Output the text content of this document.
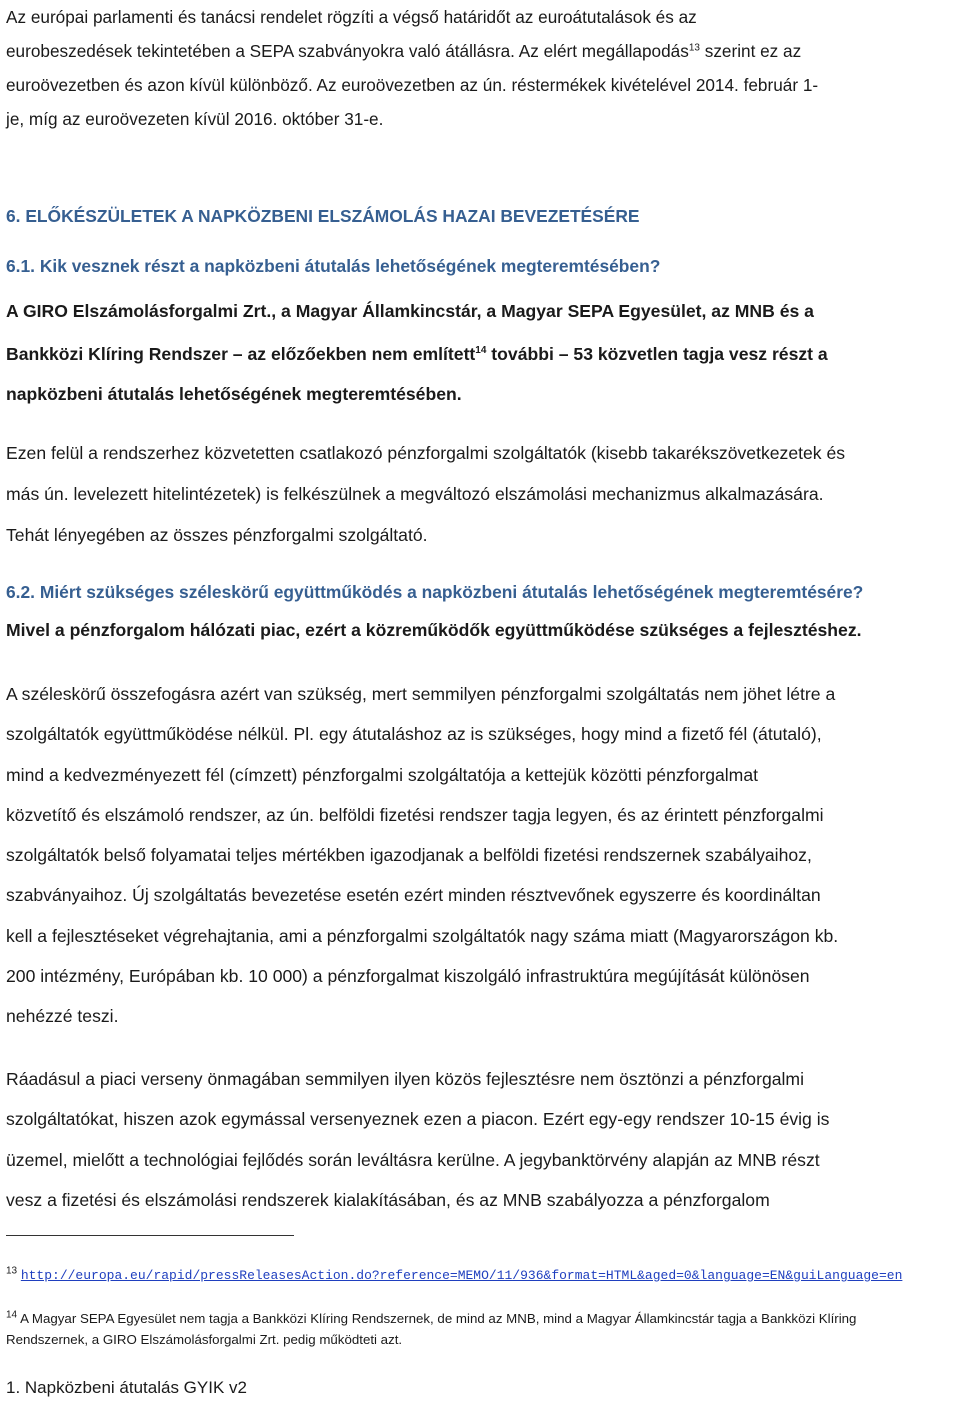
Az európai parlamenti és tanácsi rendelet rögzíti a végső határidőt az euroátutalások és az

eurobeszedések tekintetében a SEPA szabványokra való átállásra. Az elért megállapodás$^{13}$ szerint ez az

euroövezetben és azon kívül különböző. Az euroövezetben az ún. réstermékek kivételével 2014. február 1-

je, míg az euroövezeten kívül 2016. október 31-e.

6. ELŐKÉSZÜLETEK A NAPKÖZBENI ELSZÁMOLÁS HAZAI BEVEZETÉSÉRE
6.1. Kik vesznek részt a napközbeni átutalás lehetőségének megteremtésében?
A GIRO Elszámolásforgalmi Zrt., a Magyar Államkincstár, a Magyar SEPA Egyesület, az MNB és a
Bankközi Klíring Rendszer – az előzőekben nem említett$^{14}$ további – 53 közvetlen tagja vesz részt a
napközbeni átutalás lehetőségének megteremtésében.
Ezen felül a rendszerhez közvetetten csatlakozó pénzforgalmi szolgáltatók (kisebb takarékszövetkezetek és
más ún. levelezett hitelintézetek) is felkészülnek a megváltozó elszámolási mechanizmus alkalmazására.
Tehát lényegében az összes pénzforgalmi szolgáltató.
6.2. Miért szükséges széleskörű együttműködés a napközbeni átutalás lehetőségének megteremtésére?
Mivel a pénzforgalom hálózati piac, ezért a közreműködők együttműködése szükséges a fejlesztéshez.
A széleskörű összefogásra azért van szükség, mert semmilyen pénzforgalmi szolgáltatás nem jöhet létre a
szolgáltatók együttműködése nélkül. Pl. egy átutaláshoz az is szükséges, hogy mind a fizető fél (átutaló),
mind a kedvezményezett fél (címzett) pénzforgalmi szolgáltatója a kettejük közötti pénzforgalmat
közvetítő és elszámoló rendszer, az ún. belföldi fizetési rendszer tagja legyen, és az érintett pénzforgalmi
szolgáltatók belső folyamatai teljes mértékben igazodjanak a belföldi fizetési rendszernek szabályaihoz,
szabványaihoz. Új szolgáltatás bevezetése esetén ezért minden résztvevőnek egyszerre és koordináltan
kell a fejlesztéseket végrehajtania, ami a pénzforgalmi szolgáltatók nagy száma miatt (Magyarországon kb.
200 intézmény, Európában kb. 10 000) a pénzforgalmat kiszolgáló infrastruktúra megújítását különösen
nehézzé teszi.
Ráadásul a piaci verseny önmagában semmilyen ilyen közös fejlesztésre nem ösztönzi a pénzforgalmi
szolgáltatókat, hiszen azok egymással versenyeznek ezen a piacon. Ezért egy-egy rendszer 10-15 évig is
üzemel, mielőtt a technológiai fejlődés során leváltásra kerülne. A jegybanktörvény alapján az MNB részt
vesz a fizetési és elszámolási rendszerek kialakításában, és az MNB szabályozza a pénzforgalom
$^{13}$ http://europa.eu/rapid/pressReleasesAction.do?reference=MEMO/11/936&format=HTML&aged=0&language=EN&guiLanguage=en
$^{14}$ A Magyar SEPA Egyesület nem tagja a Bankközi Klíring Rendszernek, de mind az MNB, mind a Magyar Államkincstár tagja a Bankközi Klíring
Rendszernek, a GIRO Elszámolásforgalmi Zrt. pedig működteti azt.
1. Napközbeni átutalás GYIK v2
